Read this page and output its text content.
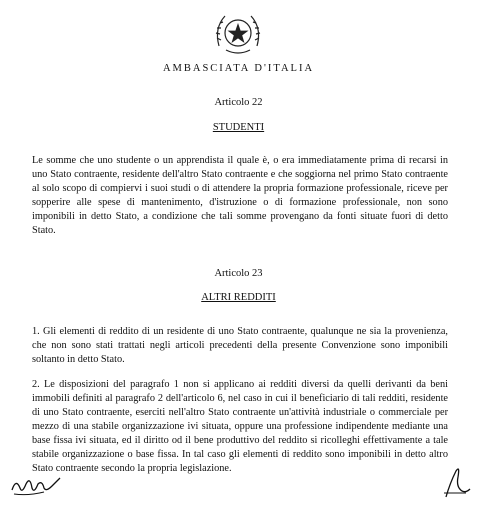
AMBASCIATA D'ITALIA
Articolo 22
STUDENTI

Le somme che uno studente o un apprendista il quale è, o era immediatamente prima di recarsi in uno Stato contraente, residente dell'altro Stato contraente e che soggiorna nel primo Stato contraente al solo scopo di compiervi i suoi studi o di attendere la propria formazione professionale, riceve per sopperire alle spese di mantenimento, d'istruzione o di formazione professionale, non sono imponibili in detto Stato, a condizione che tali somme provengano da fonti situate fuori di detto Stato.

Articolo 23
ALTRI REDDITI

1. Gli elementi di reddito di un residente di uno Stato contraente, qualunque ne sia la provenienza, che non sono stati trattati negli articoli precedenti della presente Convenzione sono imponibili soltanto in detto Stato.

2. Le disposizioni del paragrafo 1 non si applicano ai redditi diversi da quelli derivanti da beni immobili definiti al paragrafo 2 dell'articolo 6, nel caso in cui il beneficiario di tali redditi, residente di uno Stato contraente, eserciti nell'altro Stato contraente un'attività industriale o commerciale per mezzo di una stabile organizzazione ivi situata, oppure una professione indipendente mediante una base fissa ivi situata, ed il diritto od il bene produttivo del reddito si ricolleghi effettivamente a tale stabile organizzazione o base fissa. In tal caso gli elementi di reddito sono imponibili in detto altro Stato contraente secondo la propria legislazione.
